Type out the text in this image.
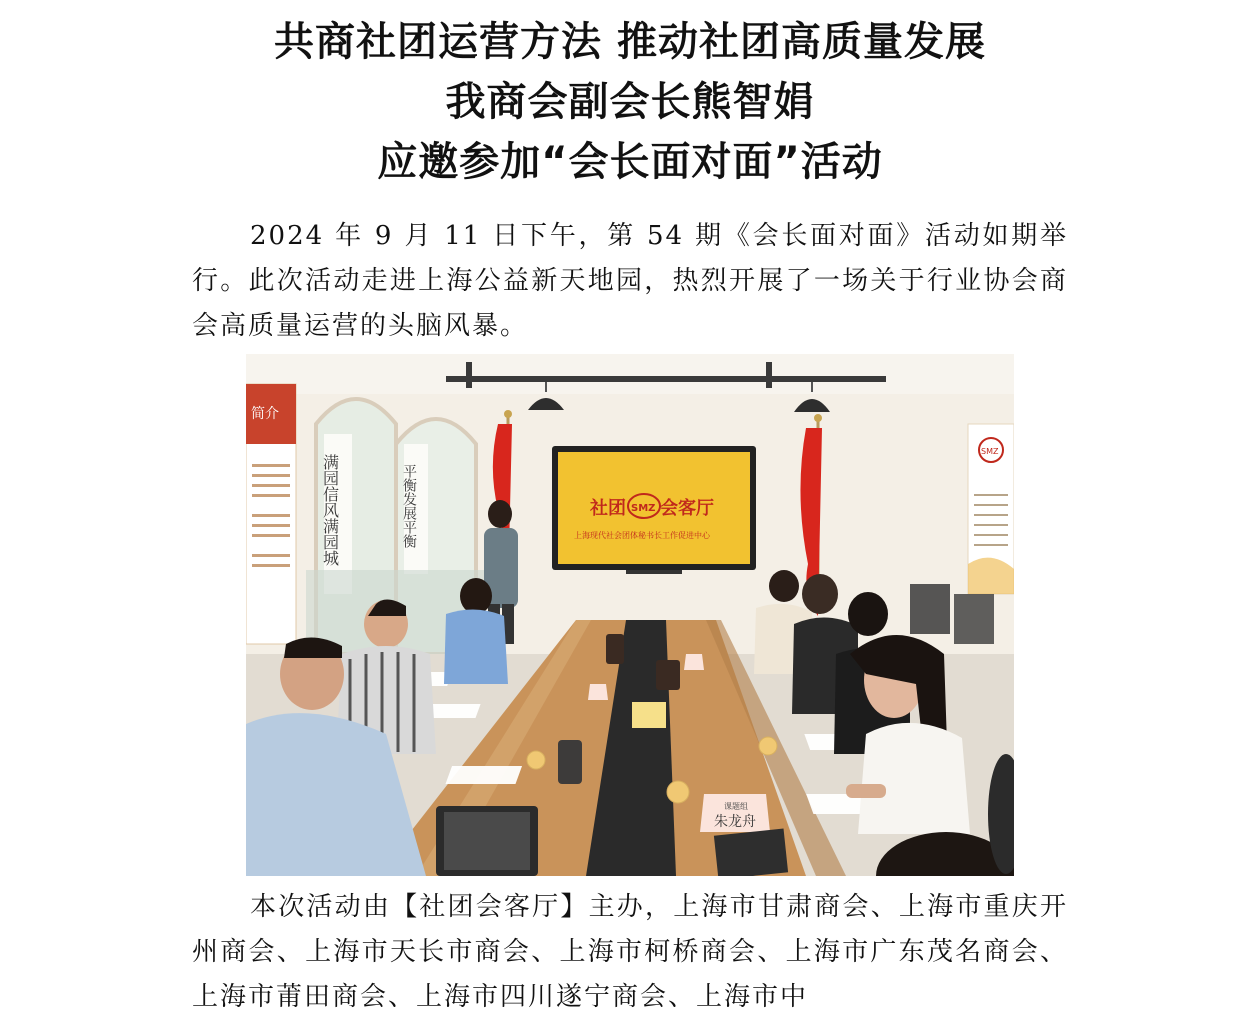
共商社团运营方法 推动社团高质量发展
我商会副会长熊智娟
应邀参加“会长面对面”活动

2024 年 9 月 11 日下午，第 54 期《会长面对面》活动如期举行。此次活动走进上海公益新天地园，热烈开展了一场关于行业协会商会高质量运营的头脑风暴。

简介
满园信风满园城	平衡发展平衡	社团 SMZ 会客厅
上海现代社会团体秘书长工作促进中心
SMZ
课题组
朱龙舟

本次活动由【社团会客厅】主办，上海市甘肃商会、上海市重庆开州商会、上海市天长市商会、上海市柯桥商会、上海市广东茂名商会、上海市莆田商会、上海市四川遂宁商会、上海市中
